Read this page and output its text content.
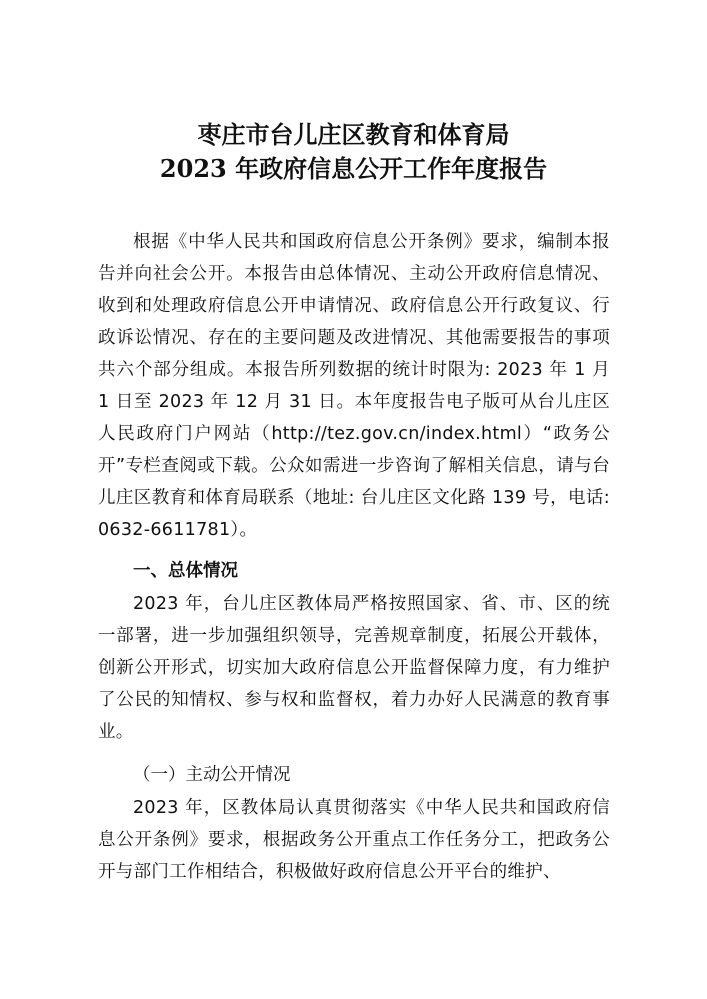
枣庄市台儿庄区教育和体育局
2023 年政府信息公开工作年度报告

根据《中华人民共和国政府信息公开条例》要求，编制本报告并向社会公开。本报告由总体情况、主动公开政府信息情况、收到和处理政府信息公开申请情况、政府信息公开行政复议、行政诉讼情况、存在的主要问题及改进情况、其他需要报告的事项共六个部分组成。本报告所列数据的统计时限为: 2023 年 1 月 1 日至 2023 年 12 月 31 日。本年度报告电子版可从台儿庄区人民政府门户网站（http://tez.gov.cn/index.html）“政务公开”专栏查阅或下载。公众如需进一步咨询了解相关信息，请与台儿庄区教育和体育局联系（地址: 台儿庄区文化路 139 号，电话: 0632-6611781）。

一、总体情况

2023 年，台儿庄区教体局严格按照国家、省、市、区的统一部署，进一步加强组织领导，完善规章制度，拓展公开载体，创新公开形式，切实加大政府信息公开监督保障力度，有力维护了公民的知情权、参与权和监督权，着力办好人民满意的教育事业。

（一）主动公开情况

2023 年，区教体局认真贯彻落实《中华人民共和国政府信息公开条例》要求，根据政务公开重点工作任务分工，把政务公开与部门工作相结合，积极做好政府信息公开平台的维护、
